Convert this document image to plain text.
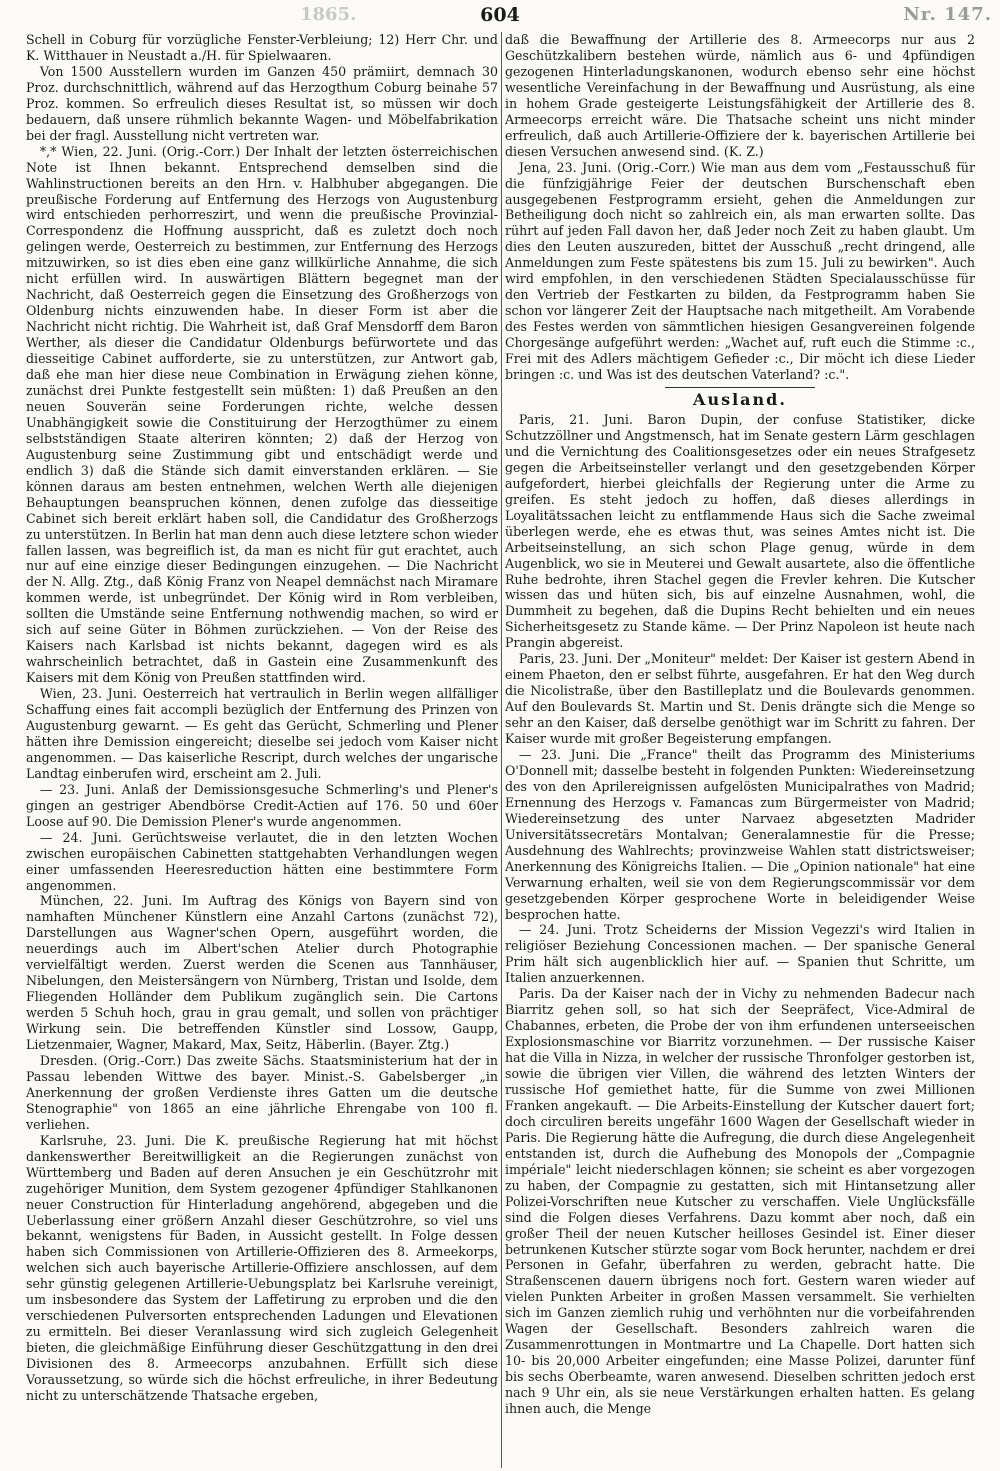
1865.	604	Nr. 147.

Schell in Coburg für vorzügliche Fenster-Verbleiung; 12) Herr Chr. und K. Witthauer in Neustadt a./H. für Spielwaaren.

Von 1500 Ausstellern wurden im Ganzen 450 prämiirt, demnach 30 Proz. durchschnittlich, während auf das Herzogthum Coburg beinahe 57 Proz. kommen. So erfreulich dieses Resultat ist, so müssen wir doch bedauern, daß unsere rühmlich bekannte Wagen- und Möbelfabrikation bei der fragl. Ausstellung nicht vertreten war.

*,* Wien, 22. Juni. (Orig.-Corr.) Der Inhalt der letzten österreichischen Note ist Ihnen bekannt. Entsprechend demselben sind die Wahlinstructionen bereits an den Hrn. v. Halbhuber abgegangen. Die preußische Forderung auf Entfernung des Herzogs von Augustenburg wird entschieden perhorreszirt, und wenn die preußische Provinzial-Correspondenz die Hoffnung ausspricht, daß es zuletzt doch noch gelingen werde, Oesterreich zu bestimmen, zur Entfernung des Herzogs mitzuwirken, so ist dies eben eine ganz willkürliche Annahme, die sich nicht erfüllen wird. In auswärtigen Blättern begegnet man der Nachricht, daß Oesterreich gegen die Einsetzung des Großherzogs von Oldenburg nichts einzuwenden habe. In dieser Form ist aber die Nachricht nicht richtig. Die Wahrheit ist, daß Graf Mensdorff dem Baron Werther, als dieser die Candidatur Oldenburgs befürwortete und das diesseitige Cabinet aufforderte, sie zu unterstützen, zur Antwort gab, daß ehe man hier diese neue Combination in Erwägung ziehen könne, zunächst drei Punkte festgestellt sein müßten: 1) daß Preußen an den neuen Souverän seine Forderungen richte, welche dessen Unabhängigkeit sowie die Constituirung der Herzogthümer zu einem selbstständigen Staate alteriren könnten; 2) daß der Herzog von Augustenburg seine Zustimmung gibt und entschädigt werde und endlich 3) daß die Stände sich damit einverstanden erklären. — Sie können daraus am besten entnehmen, welchen Werth alle diejenigen Behauptungen beanspruchen können, denen zufolge das diesseitige Cabinet sich bereit erklärt haben soll, die Candidatur des Großherzogs zu unterstützen. In Berlin hat man denn auch diese letztere schon wieder fallen lassen, was begreiflich ist, da man es nicht für gut erachtet, auch nur auf eine einzige dieser Bedingungen einzugehen. — Die Nachricht der N. Allg. Ztg., daß König Franz von Neapel demnächst nach Miramare kommen werde, ist unbegründet. Der König wird in Rom verbleiben, sollten die Umstände seine Entfernung nothwendig machen, so wird er sich auf seine Güter in Böhmen zurückziehen. — Von der Reise des Kaisers nach Karlsbad ist nichts bekannt, dagegen wird es als wahrscheinlich betrachtet, daß in Gastein eine Zusammenkunft des Kaisers mit dem König von Preußen stattfinden wird.

Wien, 23. Juni. Oesterreich hat vertraulich in Berlin wegen allfälliger Schaffung eines fait accompli bezüglich der Entfernung des Prinzen von Augustenburg gewarnt. — Es geht das Gerücht, Schmerling und Plener hätten ihre Demission eingereicht; dieselbe sei jedoch vom Kaiser nicht angenommen. — Das kaiserliche Rescript, durch welches der ungarische Landtag einberufen wird, erscheint am 2. Juli.

— 23. Juni. Anlaß der Demissionsgesuche Schmerling's und Plener's gingen an gestriger Abendbörse Credit-Actien auf 176. 50 und 60er Loose auf 90. Die Demission Plener's wurde angenommen.

— 24. Juni. Gerüchtsweise verlautet, die in den letzten Wochen zwischen europäischen Cabinetten stattgehabten Verhandlungen wegen einer umfassenden Heeresreduction hätten eine bestimmtere Form angenommen.

München, 22. Juni. Im Auftrag des Königs von Bayern sind von namhaften Münchener Künstlern eine Anzahl Cartons (zunächst 72), Darstellungen aus Wagner'schen Opern, ausgeführt worden, die neuerdings auch im Albert'schen Atelier durch Photographie vervielfältigt werden. Zuerst werden die Scenen aus Tannhäuser, Nibelungen, den Meistersängern von Nürnberg, Tristan und Isolde, dem Fliegenden Holländer dem Publikum zugänglich sein. Die Cartons werden 5 Schuh hoch, grau in grau gemalt, und sollen von prächtiger Wirkung sein. Die betreffenden Künstler sind Lossow, Gaupp, Lietzenmaier, Wagner, Makard, Max, Seitz, Häberlin. (Bayer. Ztg.)

Dresden. (Orig.-Corr.) Das zweite Sächs. Staatsministerium hat der in Passau lebenden Wittwe des bayer. Minist.-S. Gabelsberger „in Anerkennung der großen Verdienste ihres Gatten um die deutsche Stenographie" von 1865 an eine jährliche Ehrengabe von 100 fl. verliehen.

Karlsruhe, 23. Juni. Die K. preußische Regierung hat mit höchst dankenswerther Bereitwilligkeit an die Regierungen zunächst von Württemberg und Baden auf deren Ansuchen je ein Geschützrohr mit zugehöriger Munition, dem System gezogener 4pfündiger Stahlkanonen neuer Construction für Hinterladung angehörend, abgegeben und die Ueberlassung einer größern Anzahl dieser Geschützrohre, so viel uns bekannt, wenigstens für Baden, in Aussicht gestellt. In Folge dessen haben sich Commissionen von Artillerie-Offizieren des 8. Armeekorps, welchen sich auch bayerische Artillerie-Offiziere anschlossen, auf dem sehr günstig gelegenen Artillerie-Uebungsplatz bei Karlsruhe vereinigt, um insbesondere das System der Laffetirung zu erproben und die den verschiedenen Pulversorten entsprechenden Ladungen und Elevationen zu ermitteln. Bei dieser Veranlassung wird sich zugleich Gelegenheit bieten, die gleichmäßige Einführung dieser Geschützgattung in den drei Divisionen des 8. Armeecorps anzubahnen. Erfüllt sich diese Voraussetzung, so würde sich die höchst erfreuliche, in ihrer Bedeutung nicht zu unterschätzende Thatsache ergeben,

daß die Bewaffnung der Artillerie des 8. Armeecorps nur aus 2 Geschützkalibern bestehen würde, nämlich aus 6- und 4pfündigen gezogenen Hinterladungskanonen, wodurch ebenso sehr eine höchst wesentliche Vereinfachung in der Bewaffnung und Ausrüstung, als eine in hohem Grade gesteigerte Leistungsfähigkeit der Artillerie des 8. Armeecorps erreicht wäre. Die Thatsache scheint uns nicht minder erfreulich, daß auch Artillerie-Offiziere der k. bayerischen Artillerie bei diesen Versuchen anwesend sind. (K. Z.)

Jena, 23. Juni. (Orig.-Corr.) Wie man aus dem vom „Festausschuß für die fünfzigjährige Feier der deutschen Burschenschaft eben ausgegebenen Festprogramm ersieht, gehen die Anmeldungen zur Betheiligung doch nicht so zahlreich ein, als man erwarten sollte. Das rührt auf jeden Fall davon her, daß Jeder noch Zeit zu haben glaubt. Um dies den Leuten auszureden, bittet der Ausschuß „recht dringend, alle Anmeldungen zum Feste spätestens bis zum 15. Juli zu bewirken". Auch wird empfohlen, in den verschiedenen Städten Specialausschüsse für den Vertrieb der Festkarten zu bilden, da Festprogramm haben Sie schon vor längerer Zeit der Hauptsache nach mitgetheilt. Am Vorabende des Festes werden von sämmtlichen hiesigen Gesangvereinen folgende Chorgesänge aufgeführt werden: „Wachet auf, ruft euch die Stimme :c., Frei mit des Adlers mächtigem Gefieder :c., Dir möcht ich diese Lieder bringen :c. und Was ist des deutschen Vaterland? :c.".

Ausland.

Paris, 21. Juni. Baron Dupin, der confuse Statistiker, dicke Schutzzöllner und Angstmensch, hat im Senate gestern Lärm geschlagen und die Vernichtung des Coalitionsgesetzes oder ein neues Strafgesetz gegen die Arbeitseinsteller verlangt und den gesetzgebenden Körper aufgefordert, hierbei gleichfalls der Regierung unter die Arme zu greifen. Es steht jedoch zu hoffen, daß dieses allerdings in Loyalitätssachen leicht zu entflammende Haus sich die Sache zweimal überlegen werde, ehe es etwas thut, was seines Amtes nicht ist. Die Arbeitseinstellung, an sich schon Plage genug, würde in dem Augenblick, wo sie in Meuterei und Gewalt ausartete, also die öffentliche Ruhe bedrohte, ihren Stachel gegen die Frevler kehren. Die Kutscher wissen das und hüten sich, bis auf einzelne Ausnahmen, wohl, die Dummheit zu begehen, daß die Dupins Recht behielten und ein neues Sicherheitsgesetz zu Stande käme. — Der Prinz Napoleon ist heute nach Prangin abgereist.

Paris, 23. Juni. Der „Moniteur" meldet: Der Kaiser ist gestern Abend in einem Phaeton, den er selbst führte, ausgefahren. Er hat den Weg durch die Nicolistraße, über den Bastilleplatz und die Boulevards genommen. Auf den Boulevards St. Martin und St. Denis drängte sich die Menge so sehr an den Kaiser, daß derselbe genöthigt war im Schritt zu fahren. Der Kaiser wurde mit großer Begeisterung empfangen.

— 23. Juni. Die „France" theilt das Programm des Ministeriums O'Donnell mit; dasselbe besteht in folgenden Punkten: Wiedereinsetzung des von den Aprilereignissen aufgelösten Municipalrathes von Madrid; Ernennung des Herzogs v. Famancas zum Bürgermeister von Madrid; Wiedereinsetzung des unter Narvaez abgesetzten Madrider Universitätssecretärs Montalvan; Generalamnestie für die Presse; Ausdehnung des Wahlrechts; provinzweise Wahlen statt districtsweiser; Anerkennung des Königreichs Italien. — Die „Opinion nationale" hat eine Verwarnung erhalten, weil sie von dem Regierungscommissär vor dem gesetzgebenden Körper gesprochene Worte in beleidigender Weise besprochen hatte.

— 24. Juni. Trotz Scheiderns der Mission Vegezzi's wird Italien in religiöser Beziehung Concessionen machen. — Der spanische General Prim hält sich augenblicklich hier auf. — Spanien thut Schritte, um Italien anzuerkennen.

Paris. Da der Kaiser nach der in Vichy zu nehmenden Badecur nach Biarritz gehen soll, so hat sich der Seepräfect, Vice-Admiral de Chabannes, erbeten, die Probe der von ihm erfundenen unterseeischen Explosionsmaschine vor Biarritz vorzunehmen. — Der russische Kaiser hat die Villa in Nizza, in welcher der russische Thronfolger gestorben ist, sowie die übrigen vier Villen, die während des letzten Winters der russische Hof gemiethet hatte, für die Summe von zwei Millionen Franken angekauft. — Die Arbeits-Einstellung der Kutscher dauert fort; doch circuliren bereits ungefähr 1600 Wagen der Gesellschaft wieder in Paris. Die Regierung hätte die Aufregung, die durch diese Angelegenheit entstanden ist, durch die Aufhebung des Monopols der „Compagnie impériale" leicht niederschlagen können; sie scheint es aber vorgezogen zu haben, der Compagnie zu gestatten, sich mit Hintansetzung aller Polizei-Vorschriften neue Kutscher zu verschaffen. Viele Unglücksfälle sind die Folgen dieses Verfahrens. Dazu kommt aber noch, daß ein großer Theil der neuen Kutscher heilloses Gesindel ist. Einer dieser betrunkenen Kutscher stürzte sogar vom Bock herunter, nachdem er drei Personen in Gefahr, überfahren zu werden, gebracht hatte. Die Straßenscenen dauern übrigens noch fort. Gestern waren wieder auf vielen Punkten Arbeiter in großen Massen versammelt. Sie verhielten sich im Ganzen ziemlich ruhig und verhöhnten nur die vorbeifahrenden Wagen der Gesellschaft. Besonders zahlreich waren die Zusammenrottungen in Montmartre und La Chapelle. Dort hatten sich 10- bis 20,000 Arbeiter eingefunden; eine Masse Polizei, darunter fünf bis sechs Oberbeamte, waren anwesend. Dieselben schritten jedoch erst nach 9 Uhr ein, als sie neue Verstärkungen erhalten hatten. Es gelang ihnen auch, die Menge
